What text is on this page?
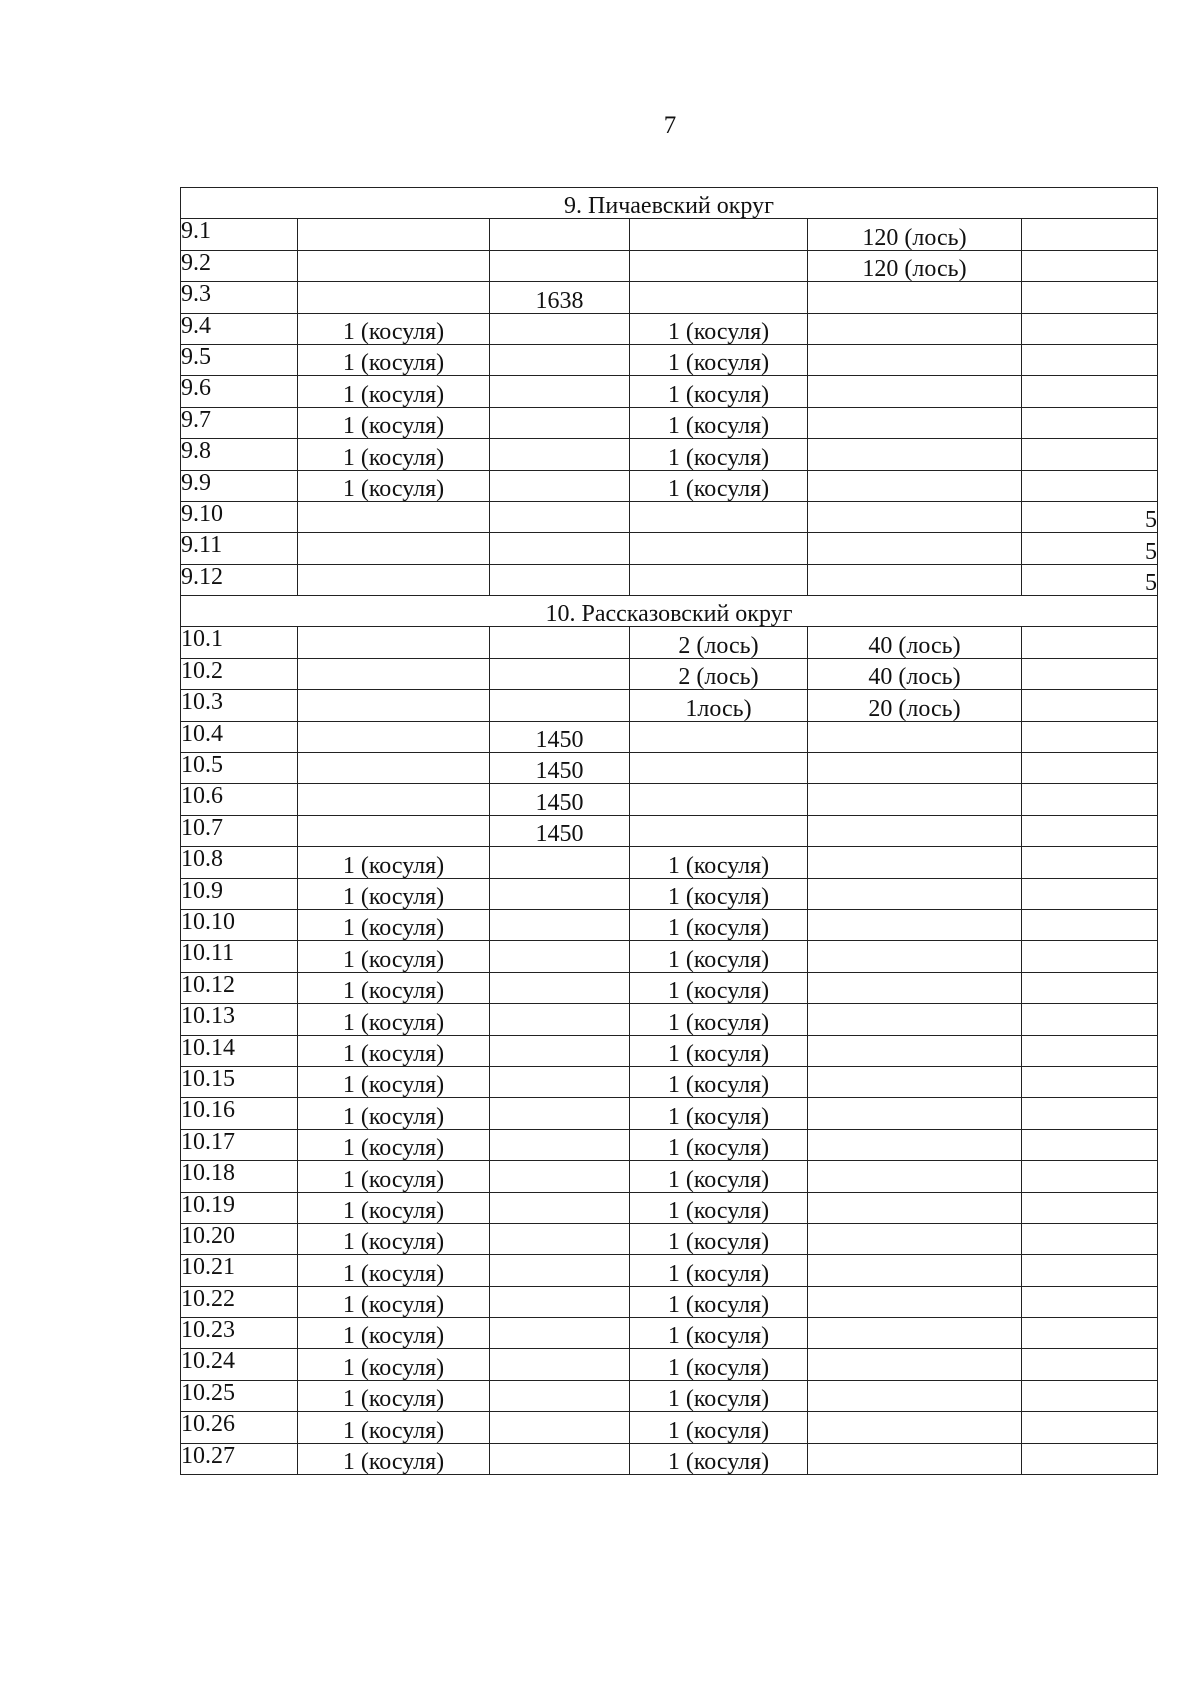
7
9. Пичаевский округ					
9.1				120 (лось)	
9.2				120 (лось)	
9.3		1638			
9.4	1 (косуля)		1 (косуля)		
9.5	1 (косуля)		1 (косуля)		
9.6	1 (косуля)		1 (косуля)		
9.7	1 (косуля)		1 (косуля)		
9.8	1 (косуля)		1 (косуля)		
9.9	1 (косуля)		1 (косуля)		
9.10					5
9.11					5
9.12					5
10. Рассказовский округ					
10.1			2 (лось)	40 (лось)	
10.2			2 (лось)	40 (лось)	
10.3			1лось)	20 (лось)	
10.4		1450			
10.5		1450			
10.6		1450			
10.7		1450			
10.8	1 (косуля)		1 (косуля)		
10.9	1 (косуля)		1 (косуля)		
10.10	1 (косуля)		1 (косуля)		
10.11	1 (косуля)		1 (косуля)		
10.12	1 (косуля)		1 (косуля)		
10.13	1 (косуля)		1 (косуля)		
10.14	1 (косуля)		1 (косуля)		
10.15	1 (косуля)		1 (косуля)		
10.16	1 (косуля)		1 (косуля)		
10.17	1 (косуля)		1 (косуля)		
10.18	1 (косуля)		1 (косуля)		
10.19	1 (косуля)		1 (косуля)		
10.20	1 (косуля)		1 (косуля)		
10.21	1 (косуля)		1 (косуля)		
10.22	1 (косуля)		1 (косуля)		
10.23	1 (косуля)		1 (косуля)		
10.24	1 (косуля)		1 (косуля)		
10.25	1 (косуля)		1 (косуля)		
10.26	1 (косуля)		1 (косуля)		
10.27	1 (косуля)		1 (косуля)		
